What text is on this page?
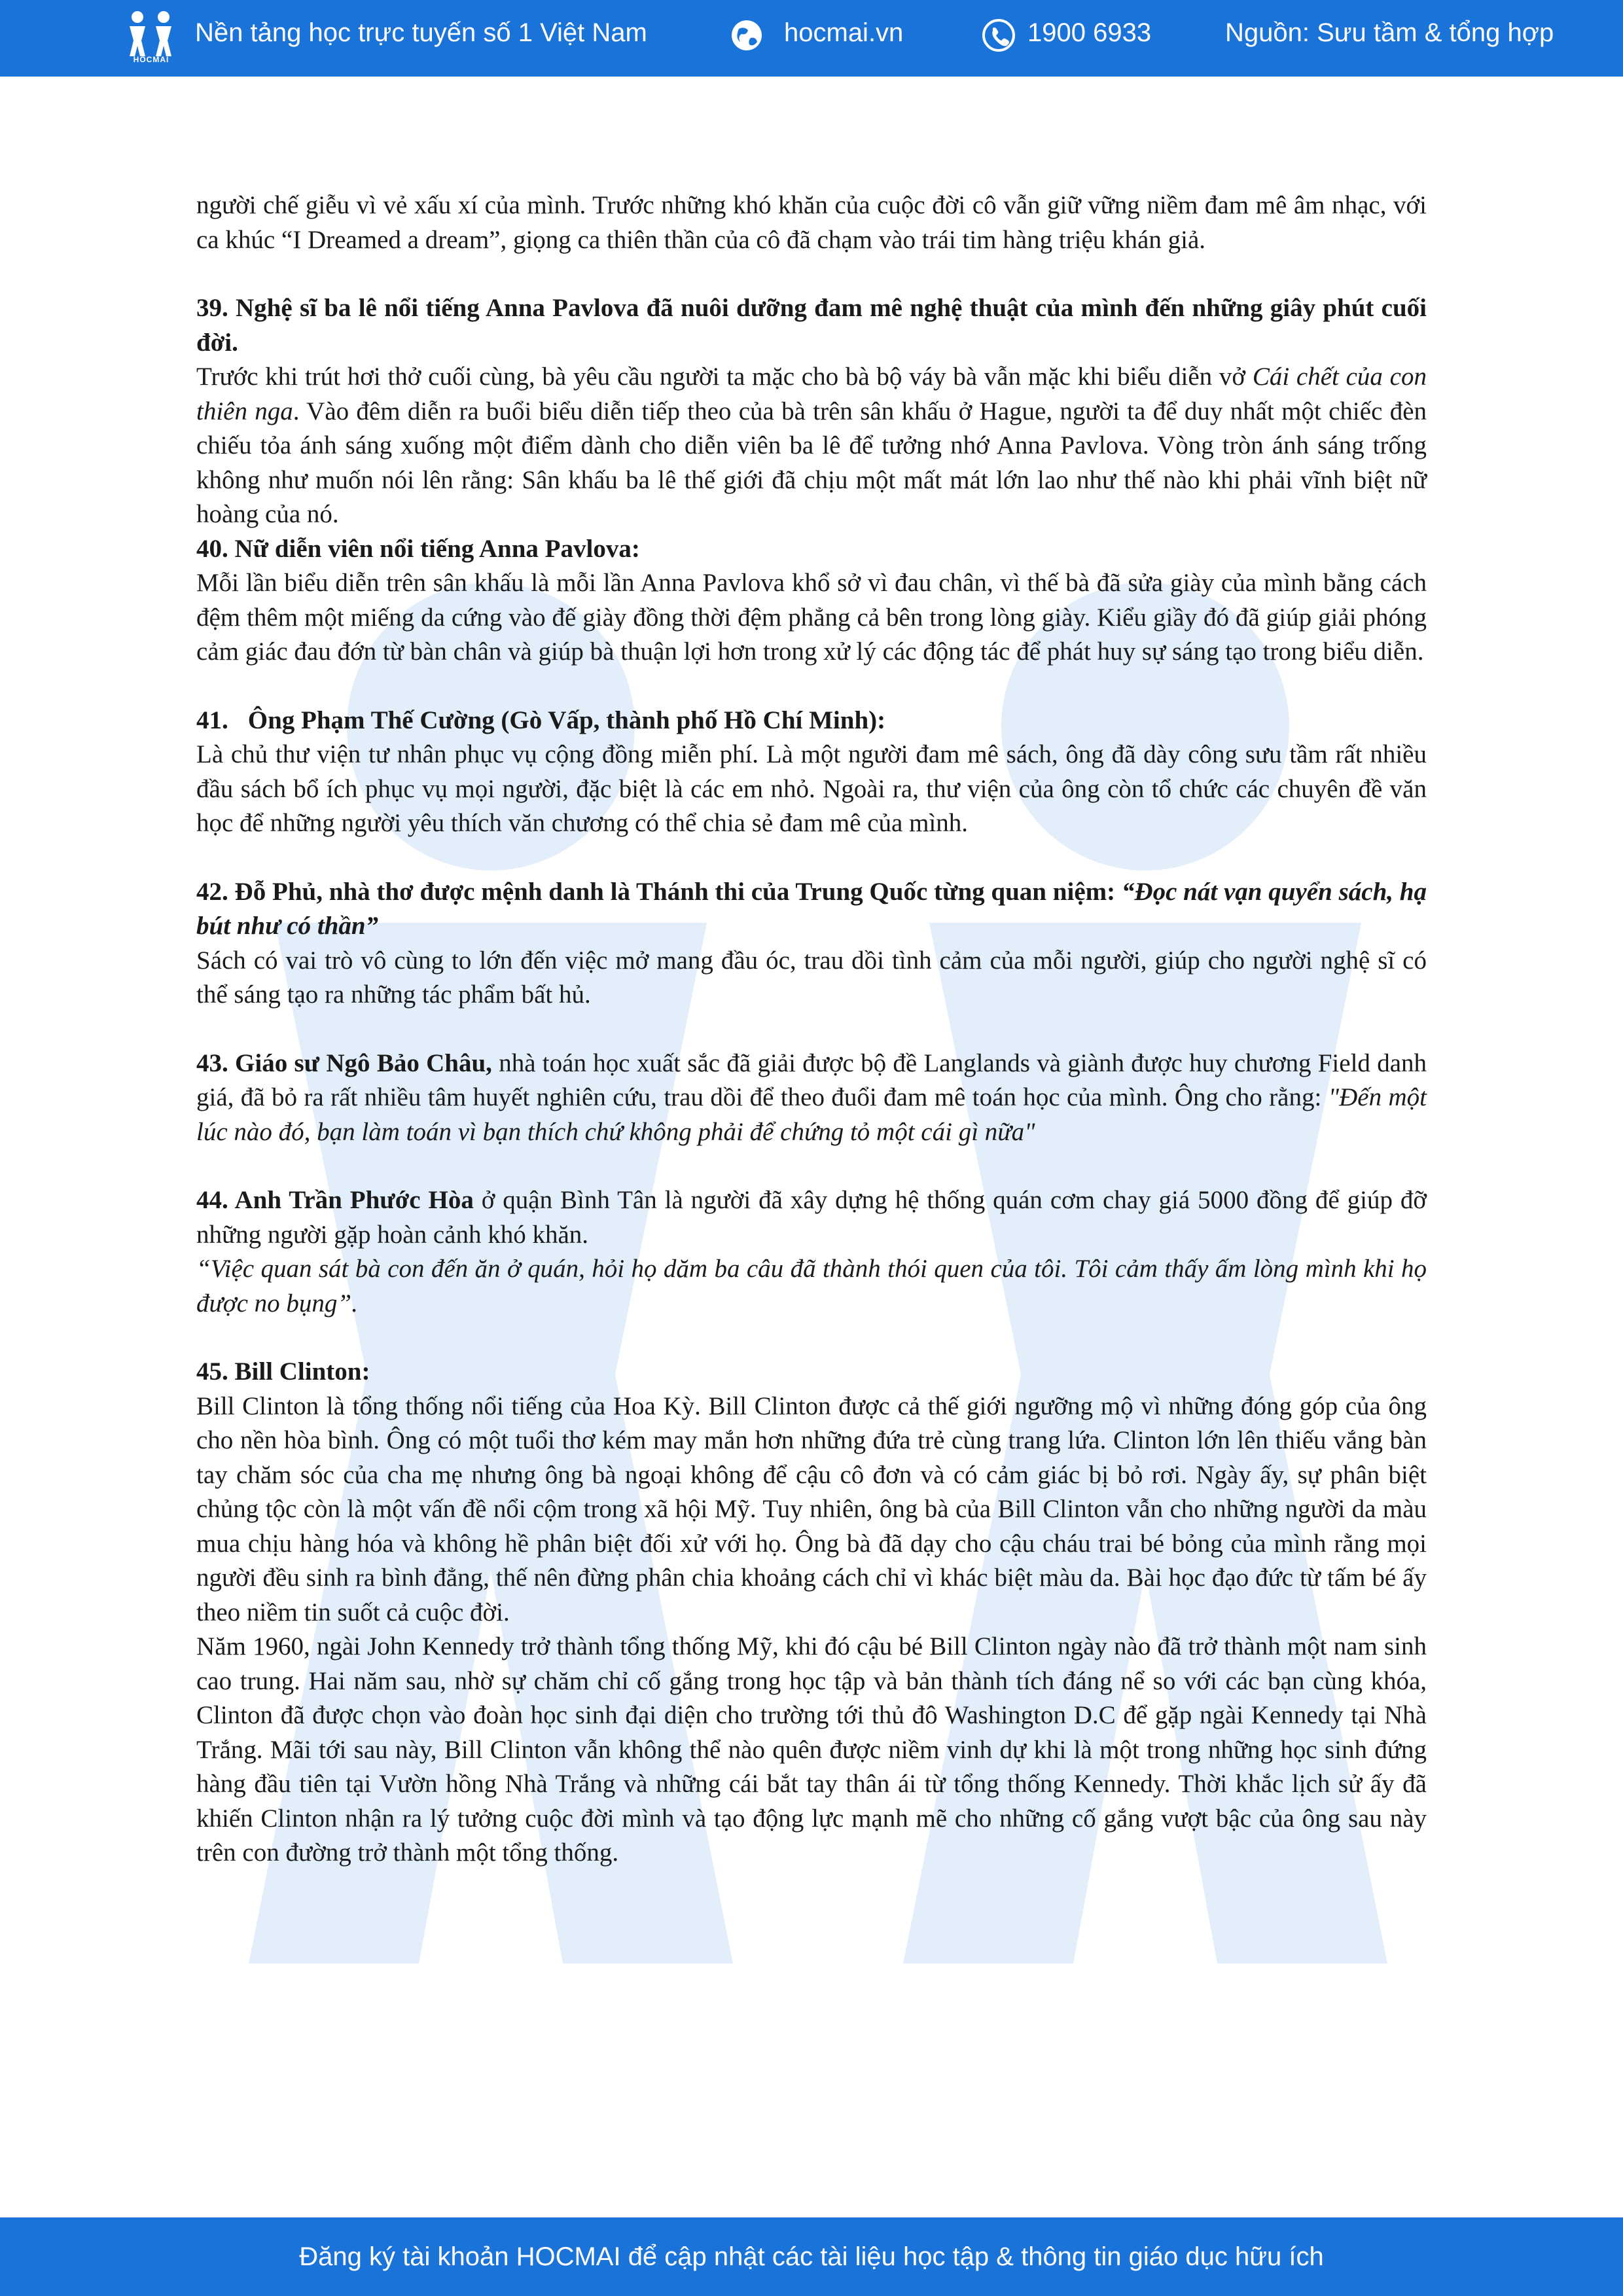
HOCMAI
Nền tảng học trực tuyến số 1 Việt Nam	hocmai.vn	1900 6933	Nguồn: Sưu tầm & tổng hợp

người chế giễu vì vẻ xấu xí của mình. Trước những khó khăn của cuộc đời cô vẫn giữ vững niềm đam mê âm nhạc, với ca khúc “I Dreamed a dream”, giọng ca thiên thần của cô đã chạm vào trái tim hàng triệu khán giả.

39. Nghệ sĩ ba lê nổi tiếng Anna Pavlova đã nuôi dưỡng đam mê nghệ thuật của mình đến những giây phút cuối đời.

Trước khi trút hơi thở cuối cùng, bà yêu cầu người ta mặc cho bà bộ váy bà vẫn mặc khi biểu diễn vở Cái chết của con thiên nga. Vào đêm diễn ra buổi biểu diễn tiếp theo của bà trên sân khấu ở Hague, người ta để duy nhất một chiếc đèn chiếu tỏa ánh sáng xuống một điểm dành cho diễn viên ba lê để tưởng nhớ Anna Pavlova. Vòng tròn ánh sáng trống không như muốn nói lên rằng: Sân khấu ba lê thế giới đã chịu một mất mát lớn lao như thế nào khi phải vĩnh biệt nữ hoàng của nó.

40. Nữ diễn viên nổi tiếng Anna Pavlova:

Mỗi lần biểu diễn trên sân khấu là mỗi lần Anna Pavlova khổ sở vì đau chân, vì thế bà đã sửa giày của mình bằng cách đệm thêm một miếng da cứng vào đế giày đồng thời đệm phẳng cả bên trong lòng giày. Kiểu giầy đó đã giúp giải phóng cảm giác đau đớn từ bàn chân và giúp bà thuận lợi hơn trong xử lý các động tác để phát huy sự sáng tạo trong biểu diễn.

41. Ông Phạm Thế Cường (Gò Vấp, thành phố Hồ Chí Minh):

Là chủ thư viện tư nhân phục vụ cộng đồng miễn phí. Là một người đam mê sách, ông đã dày công sưu tầm rất nhiều đầu sách bổ ích phục vụ mọi người, đặc biệt là các em nhỏ. Ngoài ra, thư viện của ông còn tổ chức các chuyên đề văn học để những người yêu thích văn chương có thể chia sẻ đam mê của mình.

42. Đỗ Phủ, nhà thơ được mệnh danh là Thánh thi của Trung Quốc từng quan niệm: “Đọc nát vạn quyển sách, hạ bút như có thần”

Sách có vai trò vô cùng to lớn đến việc mở mang đầu óc, trau dồi tình cảm của mỗi người, giúp cho người nghệ sĩ có thể sáng tạo ra những tác phẩm bất hủ.

43. Giáo sư Ngô Bảo Châu, nhà toán học xuất sắc đã giải được bộ đề Langlands và giành được huy chương Field danh giá, đã bỏ ra rất nhiều tâm huyết nghiên cứu, trau dồi để theo đuổi đam mê toán học của mình. Ông cho rằng: "Đến một lúc nào đó, bạn làm toán vì bạn thích chứ không phải để chứng tỏ một cái gì nữa"

44. Anh Trần Phước Hòa ở quận Bình Tân là người đã xây dựng hệ thống quán cơm chay giá 5000 đồng để giúp đỡ những người gặp hoàn cảnh khó khăn.

“Việc quan sát bà con đến ăn ở quán, hỏi họ dăm ba câu đã thành thói quen của tôi. Tôi cảm thấy ấm lòng mình khi họ được no bụng”.

45. Bill Clinton:

Bill Clinton là tổng thống nổi tiếng của Hoa Kỳ. Bill Clinton được cả thế giới ngưỡng mộ vì những đóng góp của ông cho nền hòa bình. Ông có một tuổi thơ kém may mắn hơn những đứa trẻ cùng trang lứa. Clinton lớn lên thiếu vắng bàn tay chăm sóc của cha mẹ nhưng ông bà ngoại không để cậu cô đơn và có cảm giác bị bỏ rơi. Ngày ấy, sự phân biệt chủng tộc còn là một vấn đề nổi cộm trong xã hội Mỹ. Tuy nhiên, ông bà của Bill Clinton vẫn cho những người da màu mua chịu hàng hóa và không hề phân biệt đối xử với họ. Ông bà đã dạy cho cậu cháu trai bé bỏng của mình rằng mọi người đều sinh ra bình đẳng, thế nên đừng phân chia khoảng cách chỉ vì khác biệt màu da. Bài học đạo đức từ tấm bé ấy theo niềm tin suốt cả cuộc đời.

Năm 1960, ngài John Kennedy trở thành tổng thống Mỹ, khi đó cậu bé Bill Clinton ngày nào đã trở thành một nam sinh cao trung. Hai năm sau, nhờ sự chăm chỉ cố gắng trong học tập và bản thành tích đáng nể so với các bạn cùng khóa, Clinton đã được chọn vào đoàn học sinh đại diện cho trường tới thủ đô Washington D.C để gặp ngài Kennedy tại Nhà Trắng. Mãi tới sau này, Bill Clinton vẫn không thể nào quên được niềm vinh dự khi là một trong những học sinh đứng hàng đầu tiên tại Vườn hồng Nhà Trắng và những cái bắt tay thân ái từ tổng thống Kennedy. Thời khắc lịch sử ấy đã khiến Clinton nhận ra lý tưởng cuộc đời mình và tạo động lực mạnh mẽ cho những cố gắng vượt bậc của ông sau này trên con đường trở thành một tổng thống.

Đăng ký tài khoản HOCMAI để cập nhật các tài liệu học tập & thông tin giáo dục hữu ích
